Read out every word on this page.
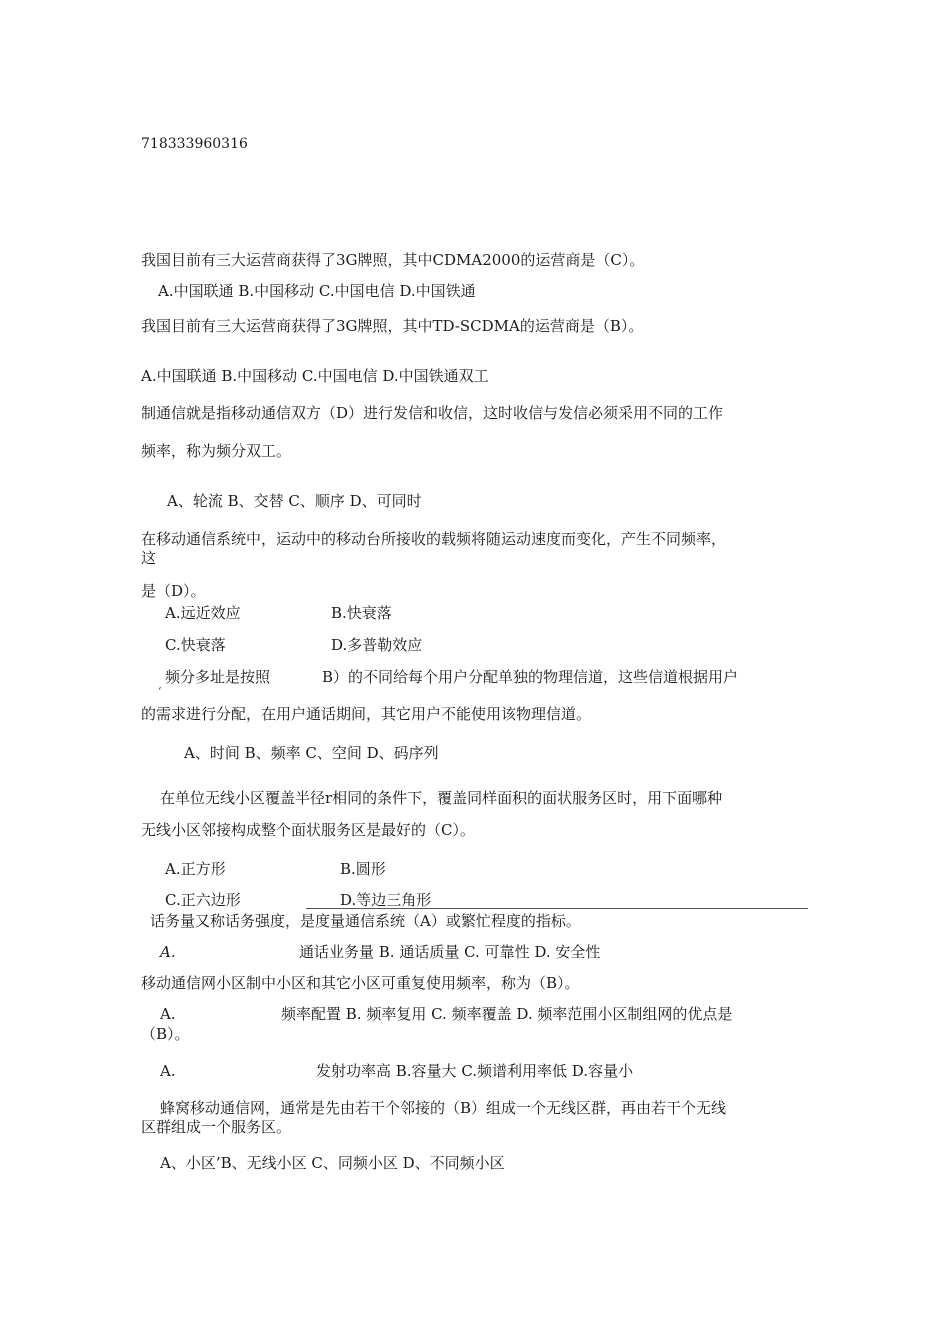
718333960316
我国目前有三大运营商获得了3G牌照，其中CDMA2000的运营商是（C）。
A.中国联通 B.中国移动 C.中国电信 D.中国铁通
我国目前有三大运营商获得了3G牌照，其中TD-SCDMA的运营商是（B）。
A.中国联通 B.中国移动 C.中国电信 D.中国铁通双工
制通信就是指移动通信双方（D）进行发信和收信，这时收信与发信必须采用不同的工作
频率，称为频分双工。
A、轮流 B、交替 C、顺序 D、可同时
在移动通信系统中，运动中的移动台所接收的载频将随运动速度而变化，产生不同频率，
这
是（D）。
A.远近效应	B.快衰落
C.快衰落	D.多普勒效应
频分多址是按照	B）的不同给每个用户分配单独的物理信道，这些信道根据用户
‘
的需求进行分配，在用户通话期间，其它用户不能使用该物理信道。
A、时间 B、频率 C、空间 D、码序列
在单位无线小区覆盖半径r相同的条件下，覆盖同样面积的面状服务区时，用下面哪种
无线小区邻接构成整个面状服务区是最好的（C）。
A.正方形	B.圆形
C.正六边形	D.等边三角形
话务量又称话务强度，是度量通信系统（A）或繁忙程度的指标。
A.	通话业务量 B. 通话质量 C. 可靠性 D. 安全性
移动通信网小区制中小区和其它小区可重复使用频率，称为（B）。
A.	频率配置 B. 频率复用 C. 频率覆盖 D. 频率范围小区制组网的优点是
（B）。
A.	发射功率高 B.容量大 C.频谱利用率低 D.容量小
蜂窝移动通信网，通常是先由若干个邻接的（B）组成一个无线区群，再由若干个无线
区群组成一个服务区。
A、小区’B、无线小区 C、同频小区 D、不同频小区
